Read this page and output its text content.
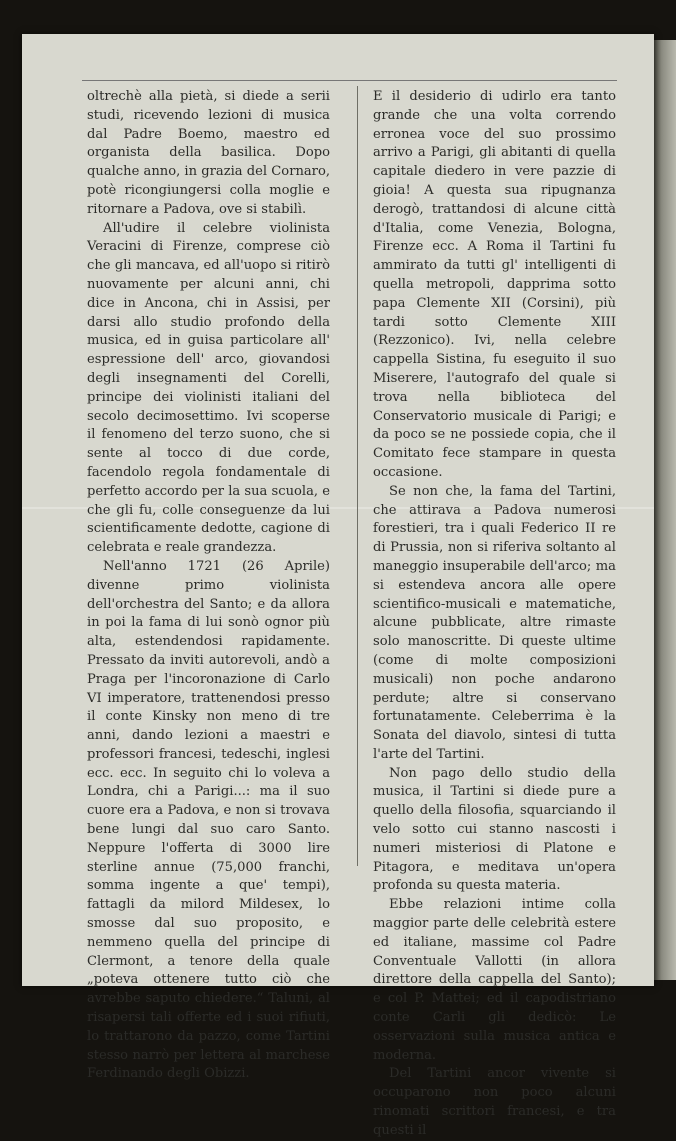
oltrechè alla pietà, si diede a serii studi, ricevendo lezioni di musica dal Padre Boemo, maestro ed organista della basilica. Dopo qualche anno, in grazia del Cornaro, potè ricongiungersi colla moglie e ritornare a Padova, ove si stabilì.

All'udire il celebre violinista Veracini di Firenze, comprese ciò che gli mancava, ed all'uopo si ritirò nuovamente per alcuni anni, chi dice in Ancona, chi in Assisi, per darsi allo studio profondo della musica, ed in guisa particolare all' espressione dell' arco, giovandosi degli insegnamenti del Corelli, principe dei violinisti italiani del secolo decimosettimo. Ivi scoperse il fenomeno del terzo suono, che si sente al tocco di due corde, facendolo regola fondamentale di perfetto accordo per la sua scuola, e che gli fu, colle conseguenze da lui scientificamente dedotte, cagione di celebrata e reale grandezza.

Nell'anno 1721 (26 Aprile) divenne primo violinista dell'orchestra del Santo; e da allora in poi la fama di lui sonò ognor più alta, estendendosi rapidamente. Pressato da inviti autorevoli, andò a Praga per l'incoronazione di Carlo VI imperatore, trattenendosi presso il conte Kinsky non meno di tre anni, dando lezioni a maestri e professori francesi, tedeschi, inglesi ecc. ecc. In seguito chi lo voleva a Londra, chi a Parigi...: ma il suo cuore era a Padova, e non si trovava bene lungi dal suo caro Santo. Neppure l'offerta di 3000 lire sterline annue (75,000 franchi, somma ingente a que' tempi), fattagli da milord Mildesex, lo smosse dal suo proposito, e nemmeno quella del principe di Clermont, a tenore della quale „poteva ottenere tutto ciò che avrebbe saputo chiedere.“ Taluni, al risapersi tali offerte ed i suoi rifiuti, lo trattarono da pazzo, come Tartini stesso narrò per lettera al marchese Ferdinando degli Obizzi.

E il desiderio di udirlo era tanto grande che una volta correndo erronea voce del suo prossimo arrivo a Parigi, gli abitanti di quella capitale diedero in vere pazzie di gioia! A questa sua ripugnanza derogò, trattandosi di alcune città d'Italia, come Venezia, Bologna, Firenze ecc. A Roma il Tartini fu ammirato da tutti gl' intelligenti di quella metropoli, dapprima sotto papa Clemente XII (Corsini), più tardi sotto Clemente XIII (Rezzonico). Ivi, nella celebre cappella Sistina, fu eseguito il suo Miserere, l'autografo del quale si trova nella biblioteca del Conservatorio musicale di Parigi; e da poco se ne possiede copia, che il Comitato fece stampare in questa occasione.

Se non che, la fama del Tartini, che attirava a Padova numerosi forestieri, tra i quali Federico II re di Prussia, non si riferiva soltanto al maneggio insuperabile dell'arco; ma si estendeva ancora alle opere scientifico-musicali e matematiche, alcune pubblicate, altre rimaste solo manoscritte. Di queste ultime (come di molte composizioni musicali) non poche andarono perdute; altre si conservano fortunatamente. Celeberrima è la Sonata del diavolo, sintesi di tutta l'arte del Tartini.

Non pago dello studio della musica, il Tartini si diede pure a quello della filosofia, squarciando il velo sotto cui stanno nascosti i numeri misteriosi di Platone e Pitagora, e meditava un'opera profonda su questa materia.

Ebbe relazioni intime colla maggior parte delle celebrità estere ed italiane, massime col Padre Conventuale Vallotti (in allora direttore della cappella del Santo); e col P. Mattei; ed il capodistriano conte Carli gli dedicò: Le osservazioni sulla musica antica e moderna.

Del Tartini ancor vivente si occuparono non poco alcuni rinomati scrittori francesi, e tra questi il
